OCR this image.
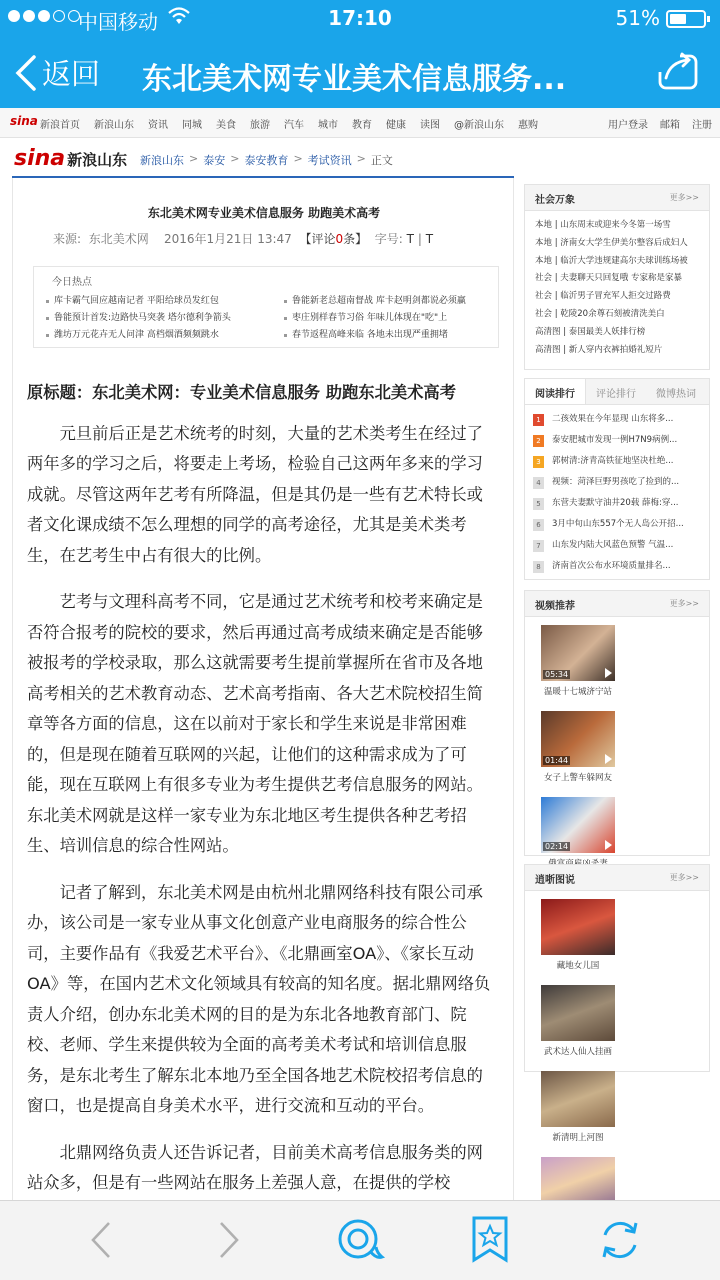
中国移动	17:10	51%
返回 东北美术网专业美术信息服务...
sina 新浪首页 新浪山东 资讯 同城 美食 旅游 汽车 城市 教育 健康 读图 @新浪山东 惠购	用户登录 邮箱 注册
sina 新浪山东 新浪山东 > 泰安 > 泰安教育 > 考试资讯 > 正文
东北美术网专业美术信息服务 助跑美术高考
来源: 东北美术网 2016年1月21日 13:47 【评论0条】 字号: T | T
今日热点
库卡霸气回应越南记者 平阳给球员发红包
鲁能预计首发:边路快马突袭 塔尔德利争箭头
潍坊万元花卉无人问津 高档烟酒频频跳水
鲁能新老总超南督战 库卡赵明剑都说必须赢
枣庄别样春节习俗 年味儿体现在"吃"上
春节返程高峰来临 各地未出现严重拥堵
原标题：东北美术网：专业美术信息服务 助跑东北美术高考

元旦前后正是艺术统考的时刻，大量的艺术类考生在经过了两年多的学习之后，将要走上考场，检验自己这两年多来的学习成就。尽管这两年艺考有所降温，但是其仍是一些有艺术特长或者文化课成绩不怎么理想的同学的高考途径，尤其是美术类考生，在艺考生中占有很大的比例。

艺考与文理科高考不同，它是通过艺术统考和校考来确定是否符合报考的院校的要求，然后再通过高考成绩来确定是否能够被报考的学校录取，那么这就需要考生提前掌握所在省市及各地高考相关的艺术教育动态、艺术高考指南、各大艺术院校招生简章等各方面的信息，这在以前对于家长和学生来说是非常困难的，但是现在随着互联网的兴起，让他们的这种需求成为了可能，现在互联网上有很多专业为考生提供艺考信息服务的网站。东北美术网就是这样一家专业为东北地区考生提供各种艺考招生、培训信息的综合性网站。

记者了解到，东北美术网是由杭州北鼎网络科技有限公司承办，该公司是一家专业从事文化创意产业电商服务的综合性公司，主要作品有《我爱艺术平台》、《北鼎画室OA》、《家长互动OA》等，在国内艺术文化领域具有较高的知名度。据北鼎网络负责人介绍，创办东北美术网的目的是为东北各地教育部门、院校、老师、学生来提供较为全面的高考美术考试和培训信息服务，是东北考生了解东北本地乃至全国各地艺术院校招考信息的窗口，也是提高自身美术水平，进行交流和互动的平台。

北鼎网络负责人还告诉记者，目前美术高考信息服务类的网站众多，但是有一些网站在服务上差强人意，在提供的学校

社会万象	更多>>
本地 | 山东周末或迎来今冬第一场雪
本地 | 济南女大学生伊美尔整容后成妇人
本地 | 临沂大学违规建高尔夫球训练场被
社会 | 夫妻聊天只回复哦 专家称是家暴
社会 | 临沂男子冒充军人拒交过路费
社会 | 乾陵20余尊石刻被清洗美白
高清图 | 泰国最美人妖排行榜
高清图 | 新人穿内衣裤拍婚礼短片
阅读排行	评论排行	微博热词
1	二孩效果在今年显现 山东将多...
2	泰安肥城市发现一例H7N9病例...
3	郭树清:济青高铁征地坚决杜绝...
4	视频：菏泽巨野男孩吃了捡到的...
5	东营夫妻默守油井20载 薛梅:穿...
6	3月中旬山东557个无人岛公开招...
7	山东发内陆大风蓝色预警 气温...
8	济南首次公布水环境质量排名...
视频推荐	更多>>
05:34
温暖十七城济宁站
01:44
女子上警车躲网友
02:14
逍哳图说	更多>>
藏地女儿国
武术达人仙人挂画
新清明上河图
